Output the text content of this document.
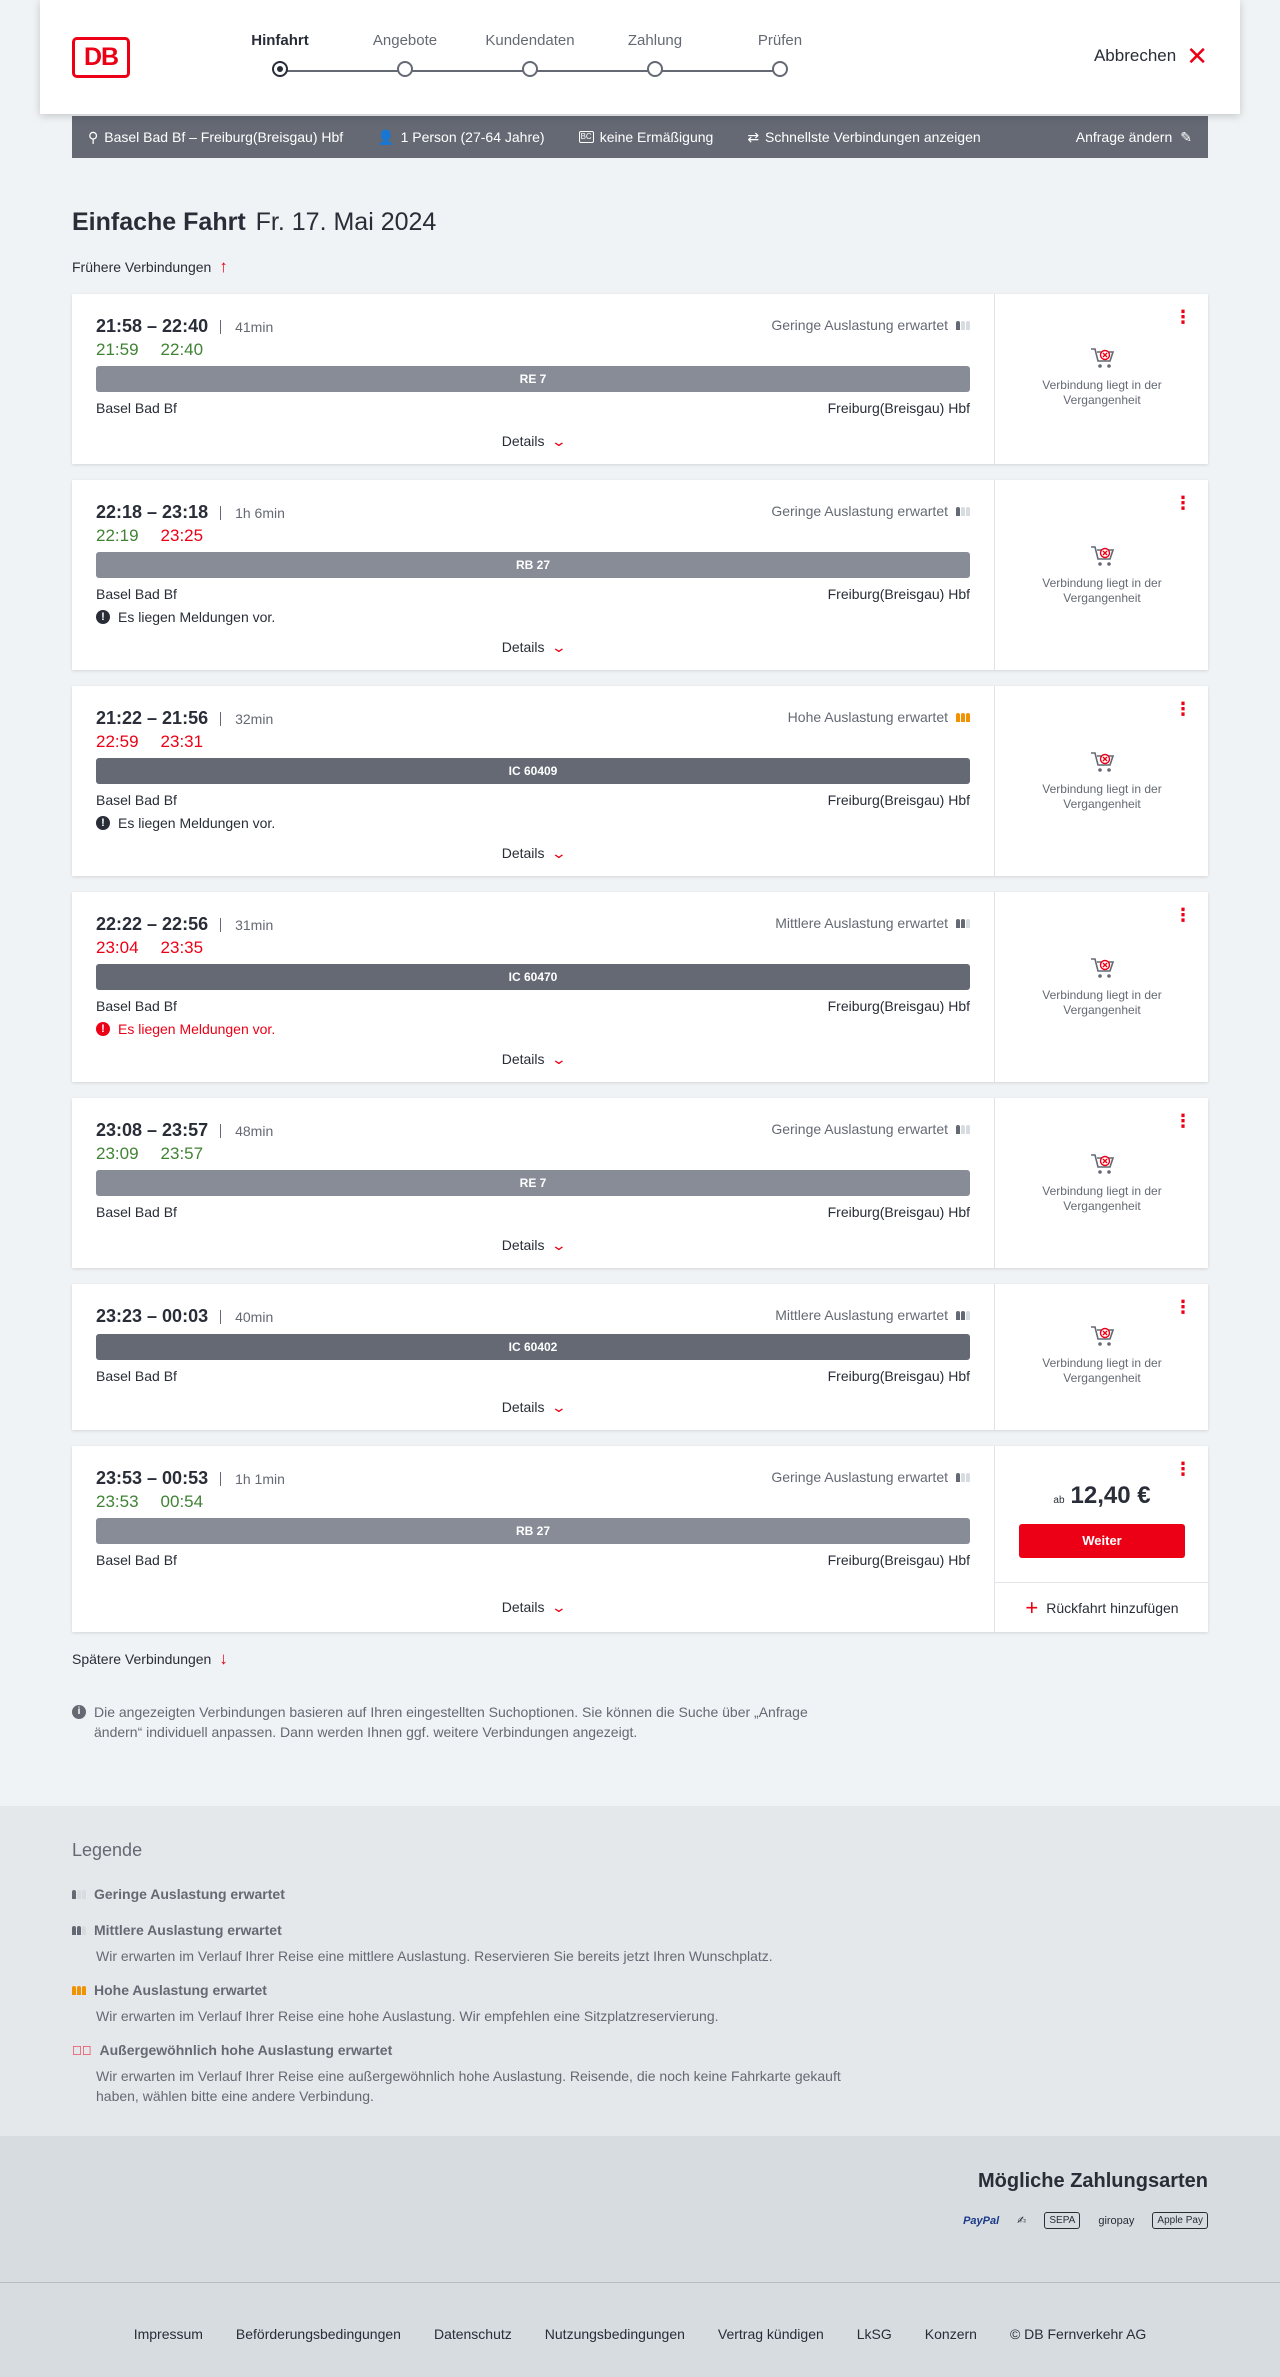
DB
Hinfahrt	Angebote	Kundendaten	Zahlung	Prüfen
Abbrechen ✕
⚲ Basel Bad Bf – Freiburg(Breisgau) Hbf 👤 1 Person (27-64 Jahre)	BC keine Ermäßigung ⇄ Schnellste Verbindungen anzeigen	Anfrage ändern ✎
Einfache Fahrt Fr. 17. Mai 2024
Frühere Verbindungen ↑
21:58 – 22:40	41min
21:59 22:40
Geringe Auslastung erwartet
RE 7
Basel Bad Bf	Freiburg(Breisgau) Hbf
Details ⌄
⋮
Verbindung liegt in der
Vergangenheit
22:18 – 23:18	1h 6min
22:19 23:25
Geringe Auslastung erwartet
RB 27
Basel Bad Bf	Freiburg(Breisgau) Hbf
! Es liegen Meldungen vor.
Details ⌄
⋮
Verbindung liegt in der
Vergangenheit
21:22 – 21:56	32min
22:59 23:31
Hohe Auslastung erwartet
IC 60409
Basel Bad Bf	Freiburg(Breisgau) Hbf
! Es liegen Meldungen vor.
Details ⌄
⋮
Verbindung liegt in der
Vergangenheit
22:22 – 22:56	31min
23:04 23:35
Mittlere Auslastung erwartet
IC 60470
Basel Bad Bf	Freiburg(Breisgau) Hbf
! Es liegen Meldungen vor.
Details ⌄
⋮
Verbindung liegt in der
Vergangenheit
23:08 – 23:57	48min
23:09 23:57
Geringe Auslastung erwartet
RE 7
Basel Bad Bf	Freiburg(Breisgau) Hbf
Details ⌄
⋮
Verbindung liegt in der
Vergangenheit
23:23 – 00:03	40min	Mittlere Auslastung erwartet
IC 60402
Basel Bad Bf	Freiburg(Breisgau) Hbf
Details ⌄
⋮
Verbindung liegt in der
Vergangenheit
23:53 – 00:53	1h 1min
23:53 00:54
Geringe Auslastung erwartet
RB 27
Basel Bad Bf	Freiburg(Breisgau) Hbf
Details ⌄
⋮
ab 12,40 €
Weiter
+ Rückfahrt hinzufügen
Spätere Verbindungen ↓
i Die angezeigten Verbindungen basieren auf Ihren eingestellten Suchoptionen. Sie können die Suche über „Anfrage ändern“ individuell anpassen. Dann werden Ihnen ggf. weitere Verbindungen angezeigt.
Legende
Geringe Auslastung erwartet
Mittlere Auslastung erwartet
Wir erwarten im Verlauf Ihrer Reise eine mittlere Auslastung. Reservieren Sie bereits jetzt Ihren Wunschplatz.
Hohe Auslastung erwartet
Wir erwarten im Verlauf Ihrer Reise eine hohe Auslastung. Wir empfehlen eine Sitzplatzreservierung.
▮⃠ Außergewöhnlich hohe Auslastung erwartet
Wir erwarten im Verlauf Ihrer Reise eine außergewöhnlich hohe Auslastung. Reisende, die noch keine Fahrkarte gekauft haben, wählen bitte eine andere Verbindung.
Mögliche Zahlungsarten
PayPal ✍	SEPA	giropay	Apple Pay
Impressum Beförderungsbedingungen Datenschutz Nutzungsbedingungen Vertrag kündigen LkSG Konzern © DB Fernverkehr AG
